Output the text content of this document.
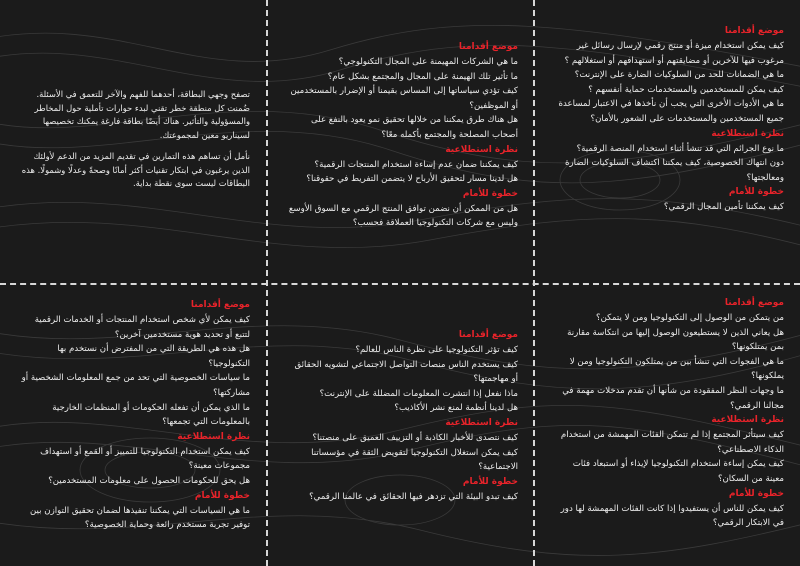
موضع أقدامنا

كيف يمكن استخدام ميزة أو منتج رقمي لإرسال رسائل غير مرغوب فيها للآخرين أو مضايقتهم أو استهدافهم أو استغلالهم ؟

ما هي الضمانات للحد من السلوكيات الضارة على الإنترنت؟

كيف يمكن للمستخدمين والمستخدمات حماية أنفسهم ؟

ما هي الأدوات الأخرى التي يجب أن نأخذها في الاعتبار لمساعدة جميع المستخدمين والمستخدمات على الشعور بالأمان؟

نظرة استطلاعية

ما نوع الجرائم التي قد تنشأ أثناء استخدام المنصة الرقمية؟

دون انتهاك الخصوصية، كيف يمكننا اكتشاف السلوكيات الضارة ومعالجتها؟

خطوة للأمام

كيف يمكننا تأمين المجال الرقمي؟

موضع أقدامنا

ما هي الشركات المهيمنة على المجال التكنولوجي؟

ما تأثير تلك الهيمنة على المجال والمجتمع بشكل عام؟

كيف تؤدي سياساتها إلى المساس بقيمنا أو الإضرار بالمستخدمين أو الموظفين؟

هل هناك طرق يمكننا من خلالها تحقيق نمو يعود بالنفع على أصحاب المصلحة والمجتمع بأكمله معًا؟

نظرة استطلاعية

كيف يمكننا ضمان عدم إساءة استخدام المنتجات الرقمية؟

هل لدينا مسار لتحقيق الأرباح لا يتضمن التفريط في حقوقنا؟

خطوة للأمام

هل من الممكن أن نضمن توافق المنتج الرقمي مع السوق الأوسع وليس مع شركات التكنولوجيا العملاقة فحسب؟

تصفح وجهي البطاقة، أحدهما للفهم والآخر للتعمق في الأسئلة. ضُمنت كل منطقة خطر تقني لبدء حوارات تأملية حول المخاطر والمسؤولية والتأثير. هناك أيضًا بطاقة فارغة يمكنك تخصيصها لسيناريو معين لمجموعتك.

نأمل أن تساهم هذه التمارين في تقديم المزيد من الدعم لأولئك الذين يرغبون في ابتكار تقنيات أكثر أمانًا وصحةً وعدلًا وشمولًا. هذه البطاقات ليست سوى نقطة بداية.

موضع أقدامنا

من يتمكن من الوصول إلى التكنولوجيا ومن لا يتمكن؟

هل يعاني الذين لا يستطيعون الوصول إليها من انتكاسة مقارنة بمن يمتلكونها؟

ما هي الفجوات التي تنشأ بين من يمتلكون التكنولوجيا ومن لا يملكونها؟

ما وجهات النظر المفقودة من شأنها أن تقدم مدخلات مهمة في مجالنا الرقمي؟

نظرة استطلاعية

كيف سيتأثر المجتمع إذا لم تتمكن الفئات المهمشة من استخدام الذكاء الاصطناعي؟

كيف يمكن إساءة استخدام التكنولوجيا لإيذاء أو استبعاد فئات معينة من السكان؟

خطوة للأمام

كيف يمكن للناس أن يستفيدوا إذا كانت الفئات المهمشة لها دور في الابتكار الرقمي؟

موضع أقدامنا

كيف تؤثر التكنولوجيا على نظرة الناس للعالم؟

كيف يستخدم الناس منصات التواصل الاجتماعي لتشويه الحقائق أو مهاجمتها؟

ماذا نفعل إذا انتشرت المعلومات المضللة على الإنترنت؟

هل لدينا أنظمة لمنع نشر الأكاذيب؟

نظرة استطلاعية

كيف نتصدى للأخبار الكاذبة أو التزييف العميق على منصتنا؟

كيف يمكن استغلال التكنولوجيا لتقويض الثقة في مؤسساتنا الاجتماعية؟

خطوة للأمام

كيف تبدو البيئة التي تزدهر فيها الحقائق في عالمنا الرقمي؟

موضع أقدامنا

كيف يمكن لأي شخص استخدام المنتجات أو الخدمات الرقمية لتتبع أو تحديد هوية مستخدمين آخرين؟

هل هذه هي الطريقة التي من المفترض أن نستخدم بها التكنولوجيا؟

ما سياسات الخصوصية التي تحد من جمع المعلومات الشخصية أو مشاركتها؟

ما الذي يمكن أن تفعله الحكومات أو المنظمات الخارجية بالمعلومات التي تجمعها؟

نظرة استطلاعية

كيف يمكن استخدام التكنولوجيا للتمييز أو القمع أو استهداف مجموعات معينة؟

هل يحق للحكومات الحصول على معلومات المستخدمين؟

خطوة للأمام

ما هي السياسات التي يمكننا تنفيذها لضمان تحقيق التوازن بين توفير تجربة مستخدم رائعة وحماية الخصوصية؟
